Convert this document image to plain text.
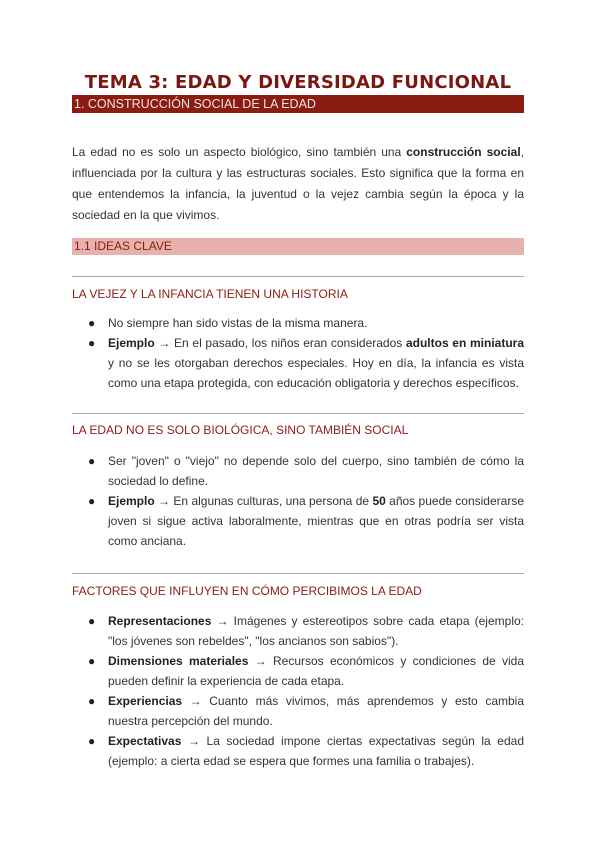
TEMA 3: EDAD Y DIVERSIDAD FUNCIONAL
1. CONSTRUCCIÓN SOCIAL DE LA EDAD

La edad no es solo un aspecto biológico, sino también una construcción social, influenciada por la cultura y las estructuras sociales. Esto significa que la forma en que entendemos la infancia, la juventud o la vejez cambia según la época y la sociedad en la que vivimos.

1.1 IDEAS CLAVE

LA VEJEZ Y LA INFANCIA TIENEN UNA HISTORIA

● No siempre han sido vistas de la misma manera.
● Ejemplo → En el pasado, los niños eran considerados adultos en miniatura y no se les otorgaban derechos especiales. Hoy en día, la infancia es vista como una etapa protegida, con educación obligatoria y derechos específicos.

LA EDAD NO ES SOLO BIOLÓGICA, SINO TAMBIÉN SOCIAL

● Ser "joven" o "viejo" no depende solo del cuerpo, sino también de cómo la sociedad lo define.
● Ejemplo → En algunas culturas, una persona de 50 años puede considerarse joven si sigue activa laboralmente, mientras que en otras podría ser vista como anciana.

FACTORES QUE INFLUYEN EN CÓMO PERCIBIMOS LA EDAD

● Representaciones → Imágenes y estereotipos sobre cada etapa (ejemplo: "los jóvenes son rebeldes", "los ancianos son sabios").
● Dimensiones materiales → Recursos económicos y condiciones de vida pueden definir la experiencia de cada etapa.
● Experiencias → Cuanto más vivimos, más aprendemos y esto cambia nuestra percepción del mundo.
● Expectativas → La sociedad impone ciertas expectativas según la edad (ejemplo: a cierta edad se espera que formes una familia o trabajes).
